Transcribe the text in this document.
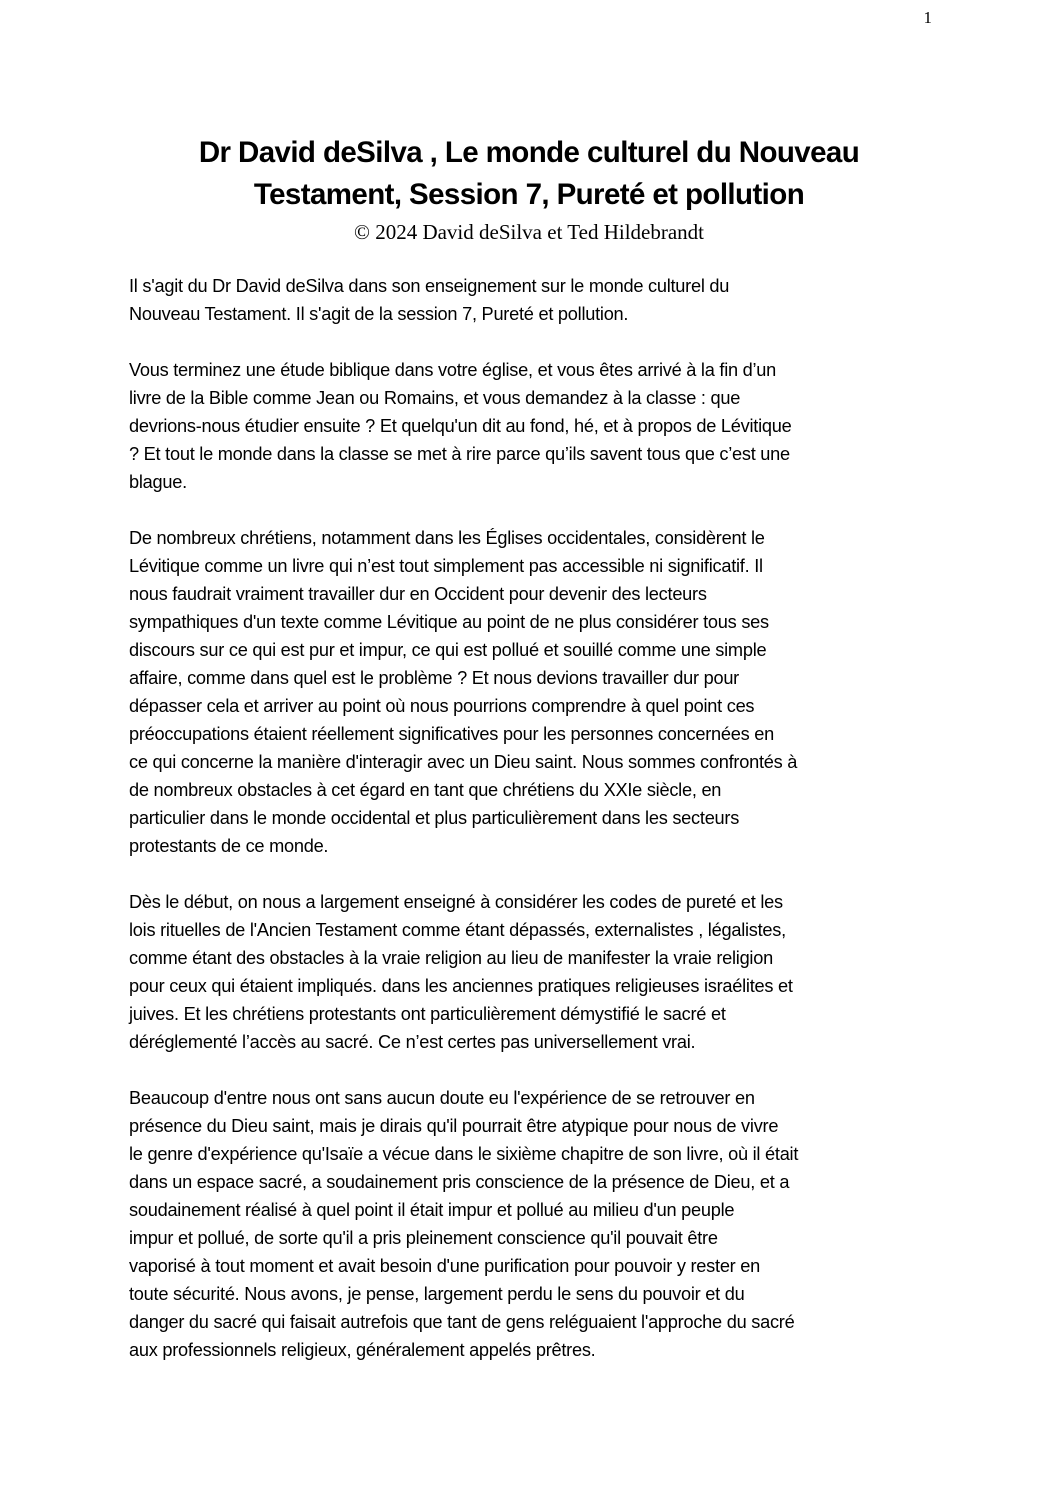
1
Dr David deSilva , Le monde culturel du Nouveau
Testament, Session 7, Pureté et pollution
© 2024 David deSilva et Ted Hildebrandt
Il s'agit du Dr David deSilva dans son enseignement sur le monde culturel du
Nouveau Testament. Il s'agit de la session 7, Pureté et pollution.
Vous terminez une étude biblique dans votre église, et vous êtes arrivé à la fin d’un
livre de la Bible comme Jean ou Romains, et vous demandez à la classe : que
devrions-nous étudier ensuite ? Et quelqu'un dit au fond, hé, et à propos de Lévitique
? Et tout le monde dans la classe se met à rire parce qu’ils savent tous que c’est une
blague.
De nombreux chrétiens, notamment dans les Églises occidentales, considèrent le
Lévitique comme un livre qui n’est tout simplement pas accessible ni significatif. Il
nous faudrait vraiment travailler dur en Occident pour devenir des lecteurs
sympathiques d'un texte comme Lévitique au point de ne plus considérer tous ses
discours sur ce qui est pur et impur, ce qui est pollué et souillé comme une simple
affaire, comme dans quel est le problème ? Et nous devions travailler dur pour
dépasser cela et arriver au point où nous pourrions comprendre à quel point ces
préoccupations étaient réellement significatives pour les personnes concernées en
ce qui concerne la manière d'interagir avec un Dieu saint. Nous sommes confrontés à
de nombreux obstacles à cet égard en tant que chrétiens du XXIe siècle, en
particulier dans le monde occidental et plus particulièrement dans les secteurs
protestants de ce monde.
Dès le début, on nous a largement enseigné à considérer les codes de pureté et les
lois rituelles de l'Ancien Testament comme étant dépassés, externalistes , légalistes,
comme étant des obstacles à la vraie religion au lieu de manifester la vraie religion
pour ceux qui étaient impliqués. dans les anciennes pratiques religieuses israélites et
juives. Et les chrétiens protestants ont particulièrement démystifié le sacré et
déréglementé l’accès au sacré. Ce n’est certes pas universellement vrai.
Beaucoup d'entre nous ont sans aucun doute eu l'expérience de se retrouver en
présence du Dieu saint, mais je dirais qu'il pourrait être atypique pour nous de vivre
le genre d'expérience qu'Isaïe a vécue dans le sixième chapitre de son livre, où il était
dans un espace sacré, a soudainement pris conscience de la présence de Dieu, et a
soudainement réalisé à quel point il était impur et pollué au milieu d'un peuple
impur et pollué, de sorte qu'il a pris pleinement conscience qu'il pouvait être
vaporisé à tout moment et avait besoin d'une purification pour pouvoir y rester en
toute sécurité. Nous avons, je pense, largement perdu le sens du pouvoir et du
danger du sacré qui faisait autrefois que tant de gens reléguaient l'approche du sacré
aux professionnels religieux, généralement appelés prêtres.
